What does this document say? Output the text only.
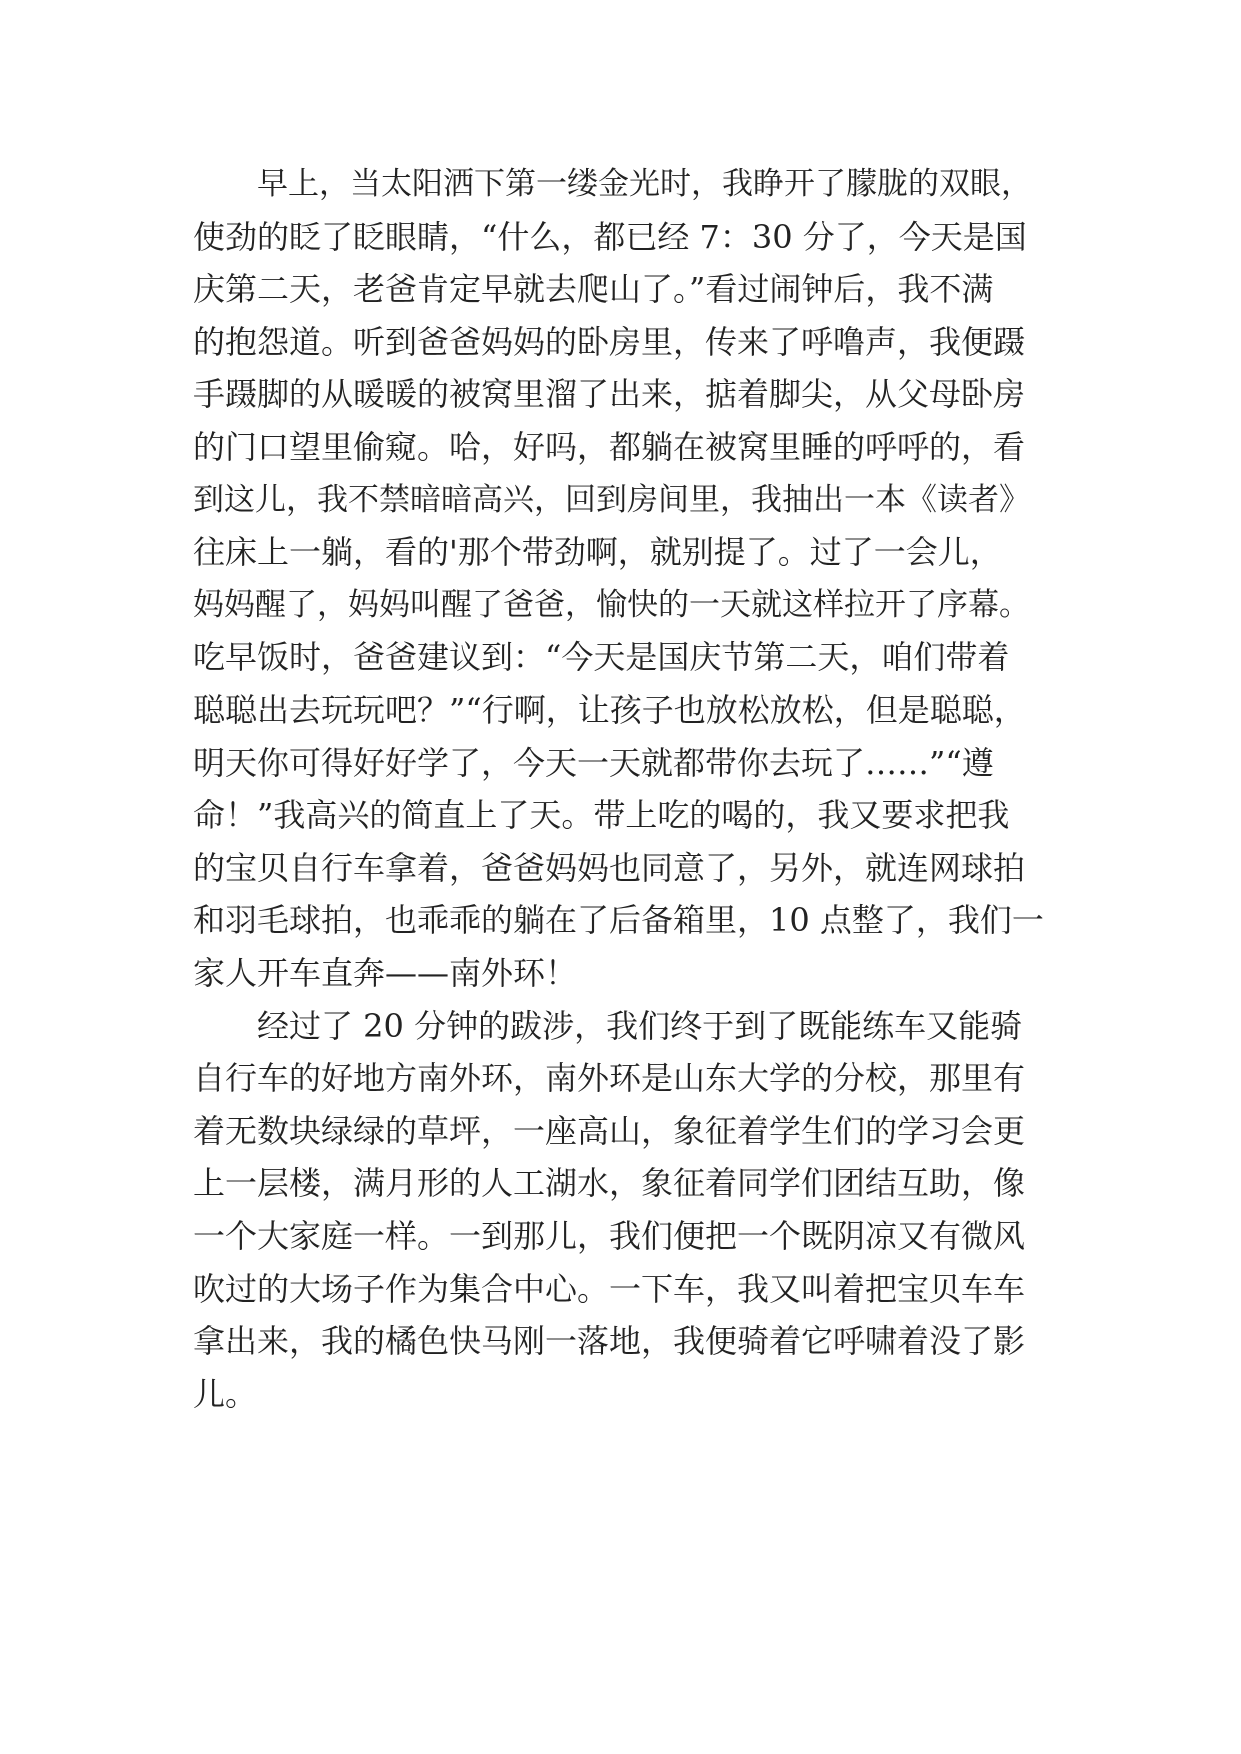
早上，当太阳洒下第一缕金光时，我睁开了朦胧的双眼，
使劲的眨了眨眼睛，“什么，都已经 7：30 分了，今天是国
庆第二天，老爸肯定早就去爬山了。”看过闹钟后，我不满
的抱怨道。听到爸爸妈妈的卧房里，传来了呼噜声，我便蹑
手蹑脚的从暖暖的被窝里溜了出来，掂着脚尖，从父母卧房
的门口望里偷窥。哈，好吗，都躺在被窝里睡的呼呼的，看
到这儿，我不禁暗暗高兴，回到房间里，我抽出一本《读者》
往床上一躺，看的'那个带劲啊，就别提了。过了一会儿，
妈妈醒了，妈妈叫醒了爸爸，愉快的一天就这样拉开了序幕。
吃早饭时，爸爸建议到：“今天是国庆节第二天，咱们带着
聪聪出去玩玩吧？”“行啊，让孩子也放松放松，但是聪聪，
明天你可得好好学了，今天一天就都带你去玩了……”“遵
命！”我高兴的简直上了天。带上吃的喝的，我又要求把我
的宝贝自行车拿着，爸爸妈妈也同意了，另外，就连网球拍
和羽毛球拍，也乖乖的躺在了后备箱里，10 点整了，我们一
家人开车直奔——南外环！
经过了 20 分钟的跋涉，我们终于到了既能练车又能骑
自行车的好地方南外环，南外环是山东大学的分校，那里有
着无数块绿绿的草坪，一座高山，象征着学生们的学习会更
上一层楼，满月形的人工湖水，象征着同学们团结互助，像
一个大家庭一样。一到那儿，我们便把一个既阴凉又有微风
吹过的大场子作为集合中心。一下车，我又叫着把宝贝车车
拿出来，我的橘色快马刚一落地，我便骑着它呼啸着没了影
儿。
